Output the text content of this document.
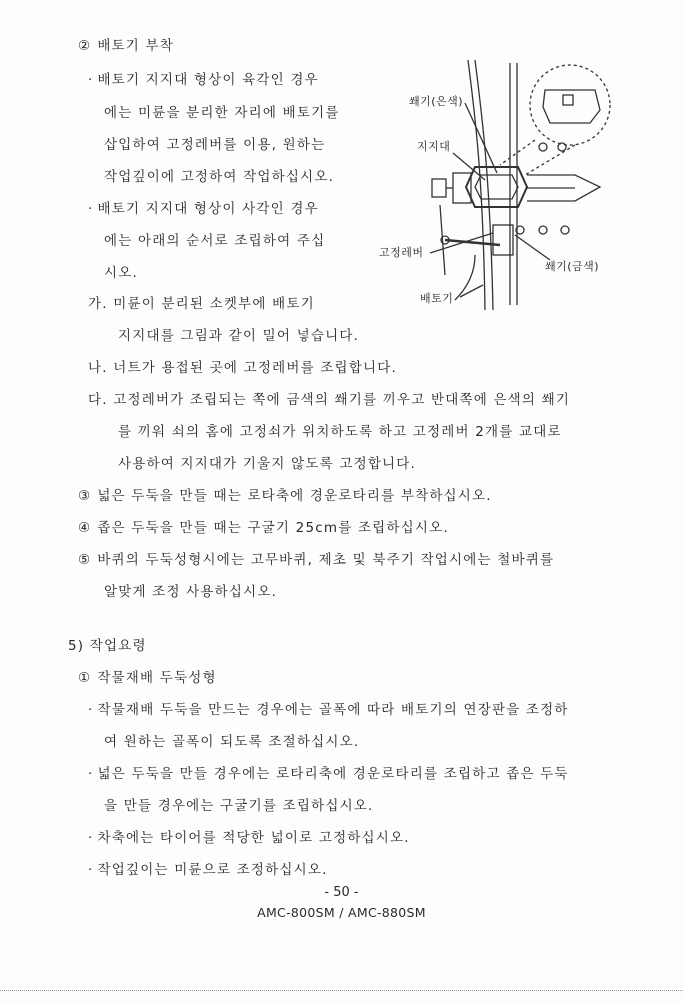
② 배토기 부착
· 배토기 지지대 형상이 육각인 경우
에는 미륜을 분리한 자리에 배토기를
삽입하여 고정레버를 이용, 원하는
작업깊이에 고정하여 작업하십시오.
· 배토기 지지대 형상이 사각인 경우
에는 아래의 순서로 조립하여 주십
시오.
가. 미륜이 분리된 소켓부에 배토기
지지대를 그림과 같이 밀어 넣습니다.
나. 너트가 용접된 곳에 고정레버를 조립합니다.
다. 고정레버가 조립되는 쪽에 금색의 쐐기를 끼우고 반대쪽에 은색의 쐐기
를 끼워 쇠의 홈에 고정쇠가 위치하도록 하고 고정레버 2개를 교대로
사용하여 지지대가 기울지 않도록 고정합니다.
③ 넓은 두둑을 만들 때는 로타축에 경운로타리를 부착하십시오.
④ 좁은 두둑을 만들 때는 구굴기 25cm를 조립하십시오.
⑤ 바퀴의 두둑성형시에는 고무바퀴, 제초 및 북주기 작업시에는 철바퀴를
알맞게 조정 사용하십시오.
5) 작업요령
① 작물재배 두둑성형
· 작물재배 두둑을 만드는 경우에는 골폭에 따라 배토기의 연장판을 조정하
여 원하는 골폭이 되도록 조절하십시오.
· 넓은 두둑을 만들 경우에는 로타리축에 경운로타리를 조립하고 좁은 두둑
을 만들 경우에는 구굴기를 조립하십시오.
· 차축에는 타이어를 적당한 넓이로 고정하십시오.
· 작업깊이는 미륜으로 조정하십시오.
쐐기(은색)
지지대
고정레버
쐐기(금색)
배토기
- 50 -
AMC-800SM / AMC-880SM
